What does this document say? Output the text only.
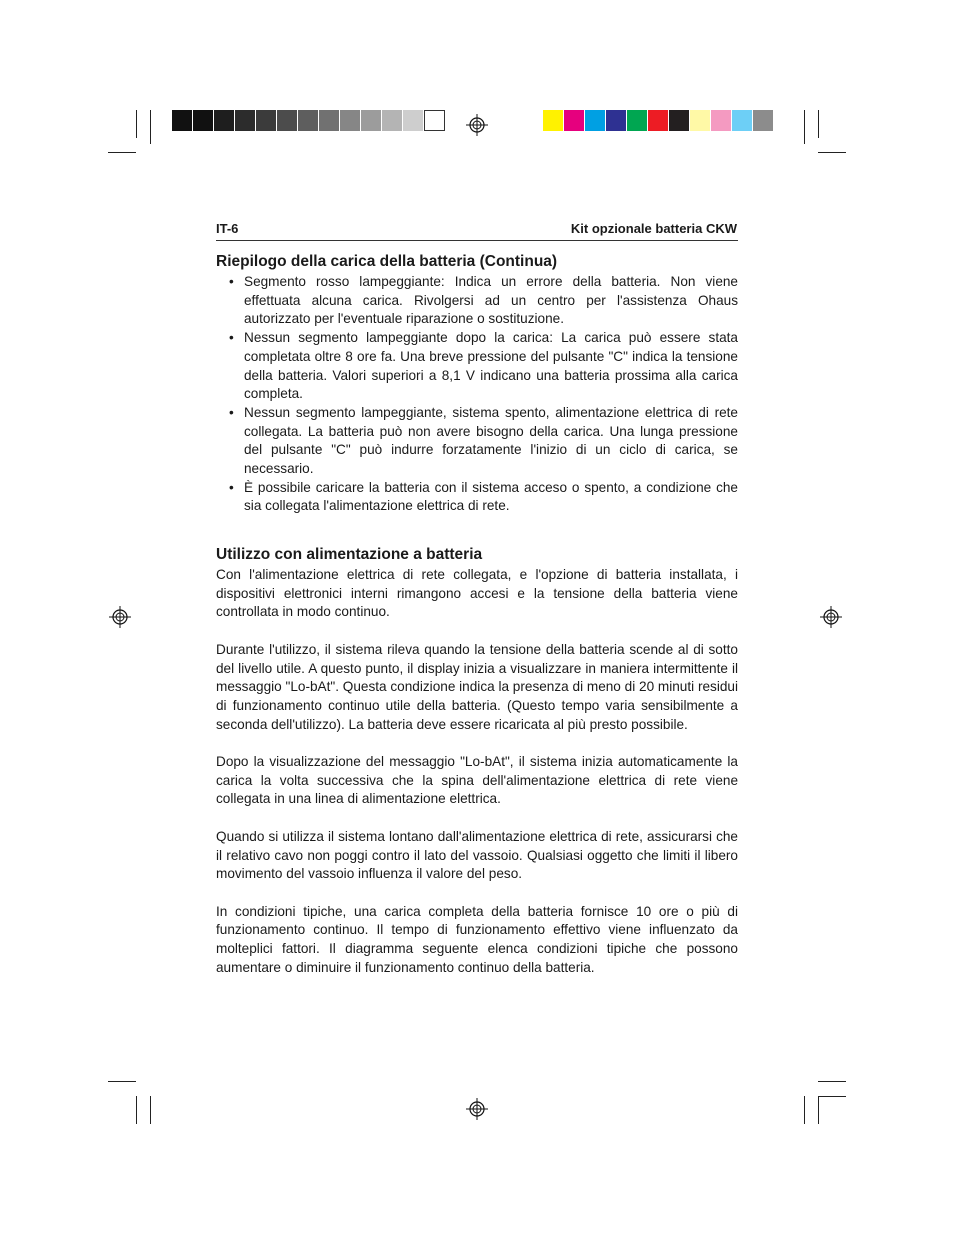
IT-6	Kit opzionale batteria CKW
Riepilogo della carica della batteria (Continua)
• Segmento rosso lampeggiante: Indica un errore della batteria. Non viene effettuata alcuna carica. Rivolgersi ad un centro per l'assistenza Ohaus autorizzato per l'eventuale riparazione o sostituzione.
• Nessun segmento lampeggiante dopo la carica: La carica può essere stata completata oltre 8 ore fa. Una breve pressione del pulsante "C" indica la tensione della batteria. Valori superiori a 8,1 V indicano una batteria prossima alla carica completa.
• Nessun segmento lampeggiante, sistema spento, alimentazione elettrica di rete collegata. La batteria può non avere bisogno della carica. Una lunga pressione del pulsante "C" può indurre forzatamente l'inizio di un ciclo di carica, se necessario.
• È possibile caricare la batteria con il sistema acceso o spento, a condizione che sia collegata l'alimentazione elettrica di rete.
Utilizzo con alimentazione a batteria

Con l'alimentazione elettrica di rete collegata, e l'opzione di batteria installata, i dispositivi elettronici interni rimangono accesi e la tensione della batteria viene controllata in modo continuo.

Durante l'utilizzo, il sistema rileva quando la tensione della batteria scende al di sotto del livello utile. A questo punto, il display inizia a visualizzare in maniera intermittente il messaggio "Lo-bAt". Questa condizione indica la presenza di meno di 20 minuti residui di funzionamento continuo utile della batteria. (Questo tempo varia sensibilmente a seconda dell'utilizzo). La batteria deve essere ricaricata al più presto possibile.

Dopo la visualizzazione del messaggio "Lo-bAt", il sistema inizia automaticamente la carica la volta successiva che la spina dell'alimentazione elettrica di rete viene collegata in una linea di alimentazione elettrica.

Quando si utilizza il sistema lontano dall'alimentazione elettrica di rete, assicurarsi che il relativo cavo non poggi contro il lato del vassoio. Qualsiasi oggetto che limiti il libero movimento del vassoio influenza il valore del peso.

In condizioni tipiche, una carica completa della batteria fornisce 10 ore o più di funzionamento continuo. Il tempo di funzionamento effettivo viene influenzato da molteplici fattori. Il diagramma seguente elenca condizioni tipiche che possono aumentare o diminuire il funzionamento continuo della batteria.
